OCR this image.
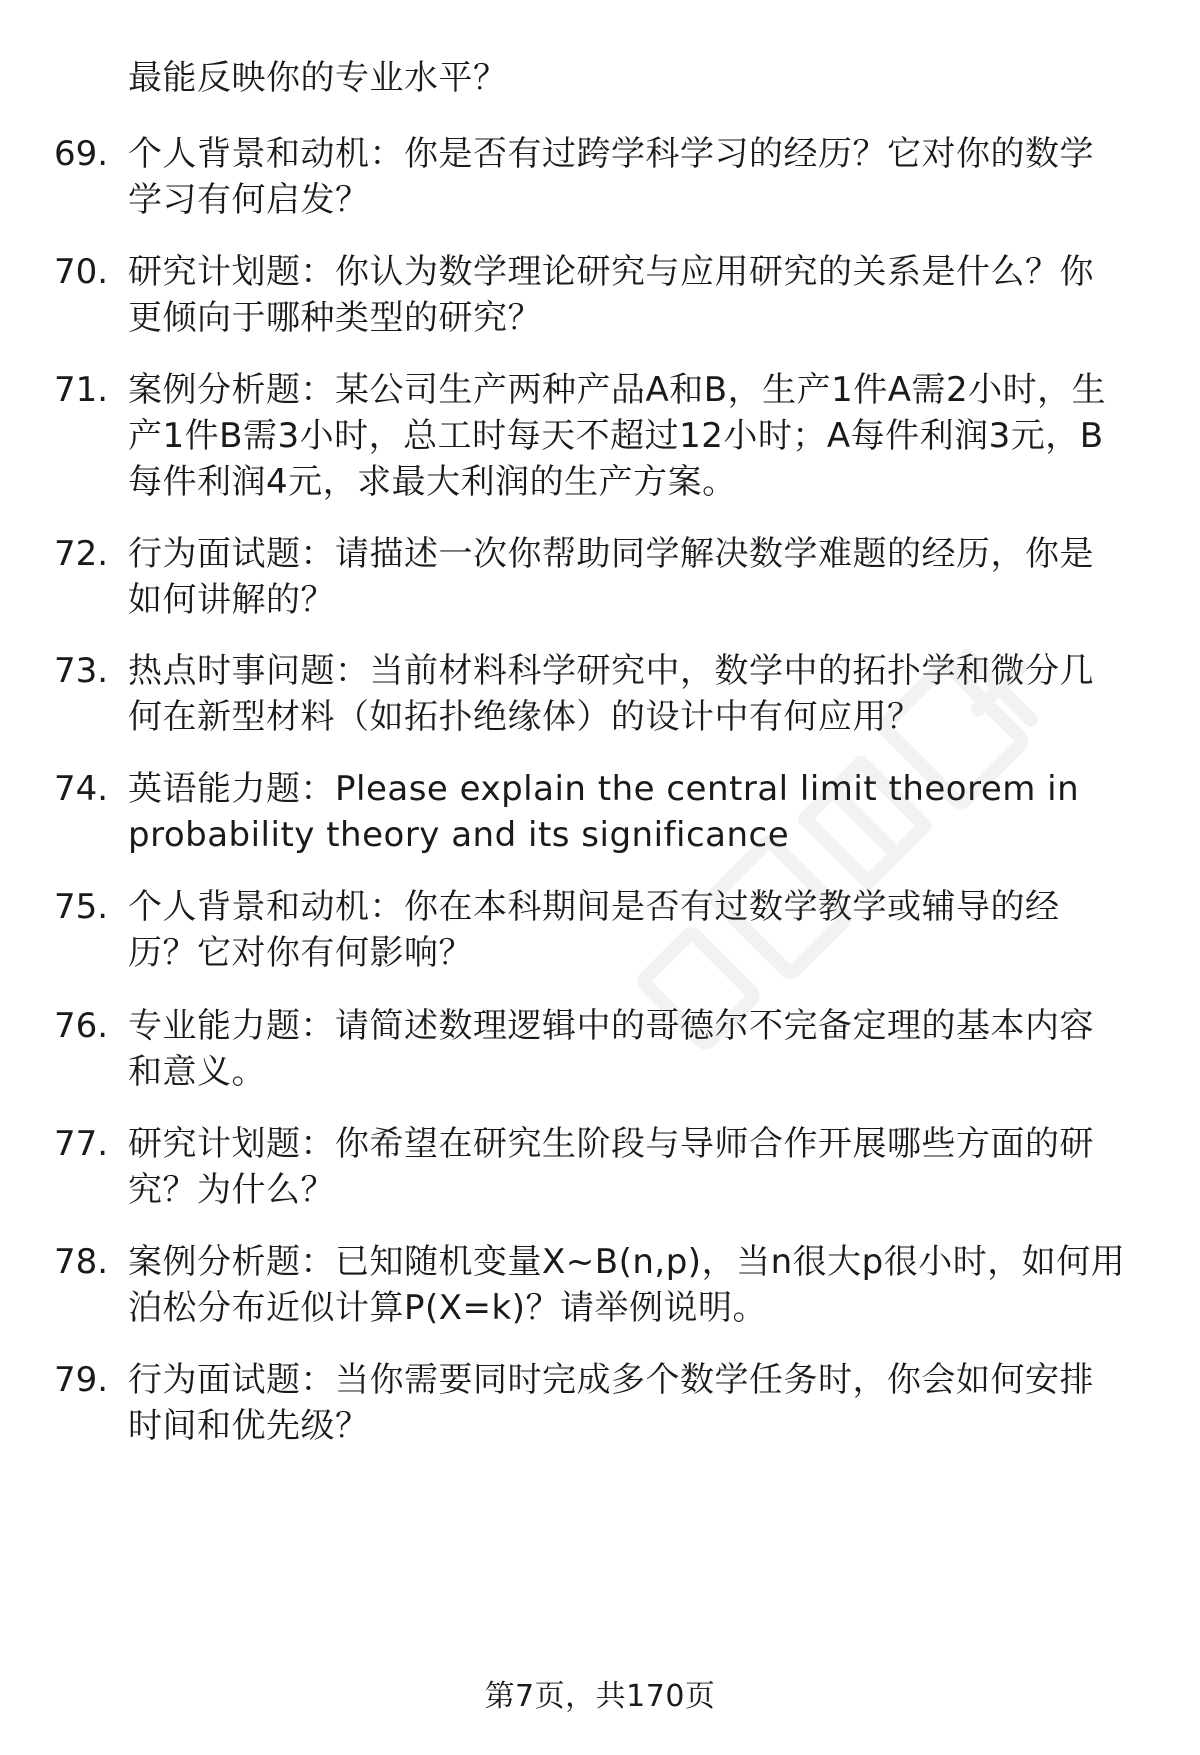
最能反映你的专业水平？
69. 个人背景和动机：你是否有过跨学科学习的经历？它对你的数学
学习有何启发？
70. 研究计划题：你认为数学理论研究与应用研究的关系是什么？你
更倾向于哪种类型的研究？
71. 案例分析题：某公司生产两种产品A和B，生产1件A需2小时，生
产1件B需3小时，总工时每天不超过12小时；A每件利润3元，B
每件利润4元，求最大利润的生产方案。
72. 行为面试题：请描述一次你帮助同学解决数学难题的经历，你是
如何讲解的？
73. 热点时事问题：当前材料科学研究中，数学中的拓扑学和微分几
何在新型材料（如拓扑绝缘体）的设计中有何应用？
74. 英语能力题：Please explain the central limit theorem in
probability theory and its significance
75. 个人背景和动机：你在本科期间是否有过数学教学或辅导的经
历？它对你有何影响？
76. 专业能力题：请简述数理逻辑中的哥德尔不完备定理的基本内容
和意义。
77. 研究计划题：你希望在研究生阶段与导师合作开展哪些方面的研
究？为什么？
78. 案例分析题：已知随机变量X~B(n,p)，当n很大p很小时，如何用
泊松分布近似计算P(X=k)？请举例说明。
79. 行为面试题：当你需要同时完成多个数学任务时，你会如何安排
时间和优先级？
第7页，共170页
